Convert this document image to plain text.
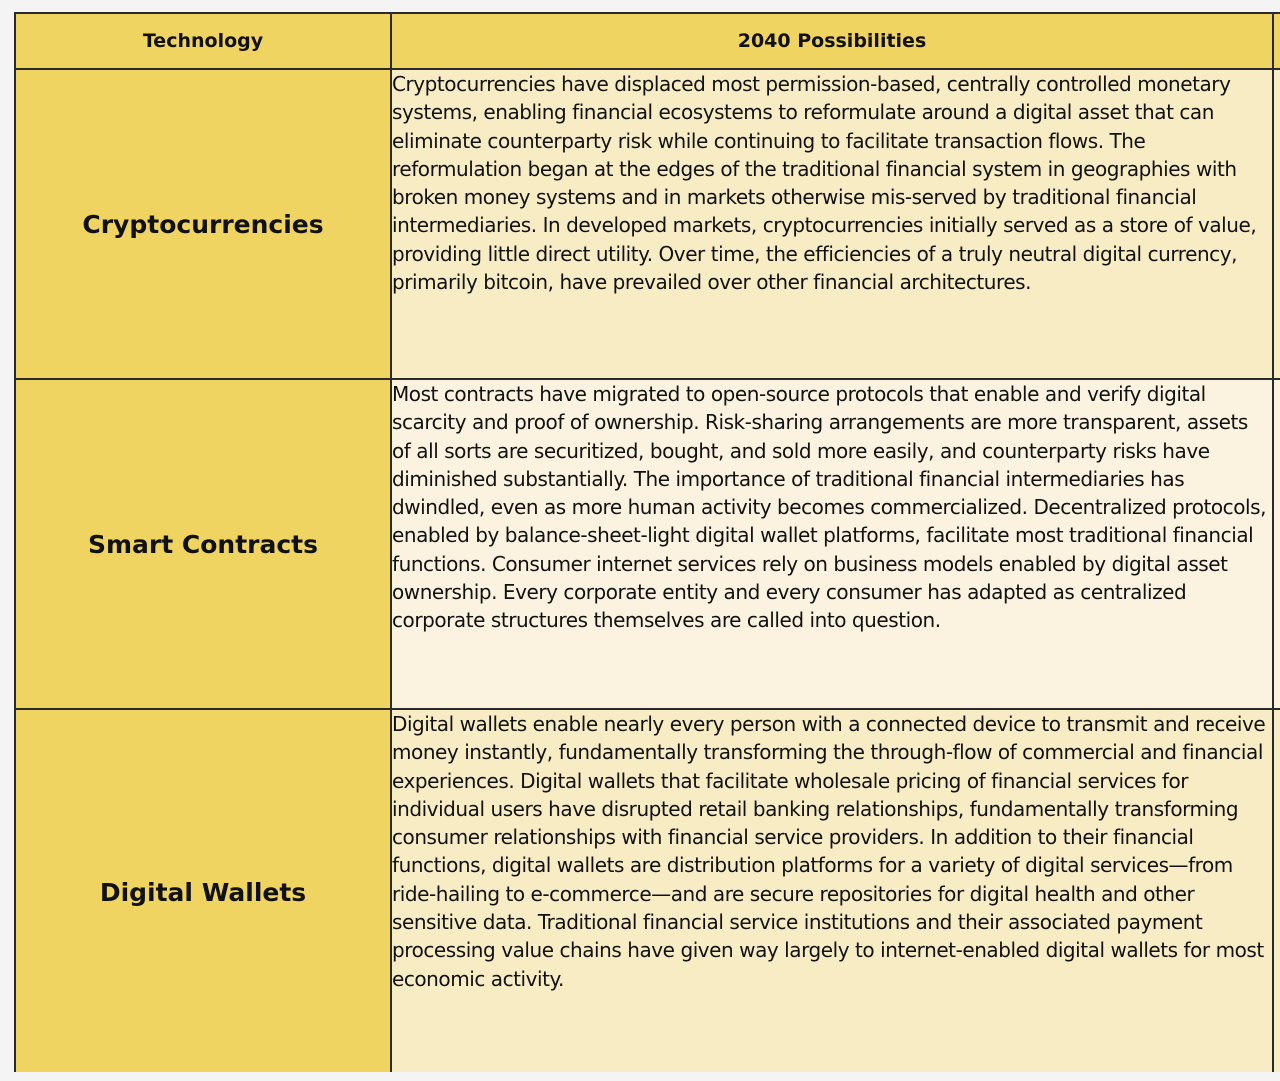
Technology	2040 Possibilities	
Cryptocurrencies	Cryptocurrencies have displaced most permission-based, centrally controlled monetary systems, enabling financial ecosystems to reformulate around a digital asset that can eliminate counterparty risk while continuing to facilitate transaction flows. The reformulation began at the edges of the traditional financial system in geographies with broken money systems and in markets otherwise mis-served by traditional financial intermediaries. In developed markets, cryptocurrencies initially served as a store of value, providing little direct utility. Over time, the efficiencies of a truly neutral digital currency, primarily bitcoin, have prevailed over other financial architectures.	
Smart Contracts	Most contracts have migrated to open-source protocols that enable and verify digital scarcity and proof of ownership. Risk-sharing arrangements are more transparent, assets of all sorts are securitized, bought, and sold more easily, and counterparty risks have diminished substantially. The importance of traditional financial intermediaries has dwindled, even as more human activity becomes commercialized. Decentralized protocols, enabled by balance-sheet-light digital wallet platforms, facilitate most traditional financial functions. Consumer internet services rely on business models enabled by digital asset ownership. Every corporate entity and every consumer has adapted as centralized corporate structures themselves are called into question.	
Digital Wallets	Digital wallets enable nearly every person with a connected device to transmit and receive money instantly, fundamentally transforming the through-flow of commercial and financial experiences. Digital wallets that facilitate wholesale pricing of financial services for individual users have disrupted retail banking relationships, fundamentally transforming consumer relationships with financial service providers. In addition to their financial functions, digital wallets are distribution platforms for a variety of digital services—from ride-hailing to e-commerce—and are secure repositories for digital health and other sensitive data. Traditional financial service institutions and their associated payment processing value chains have given way largely to internet-enabled digital wallets for most economic activity.	
